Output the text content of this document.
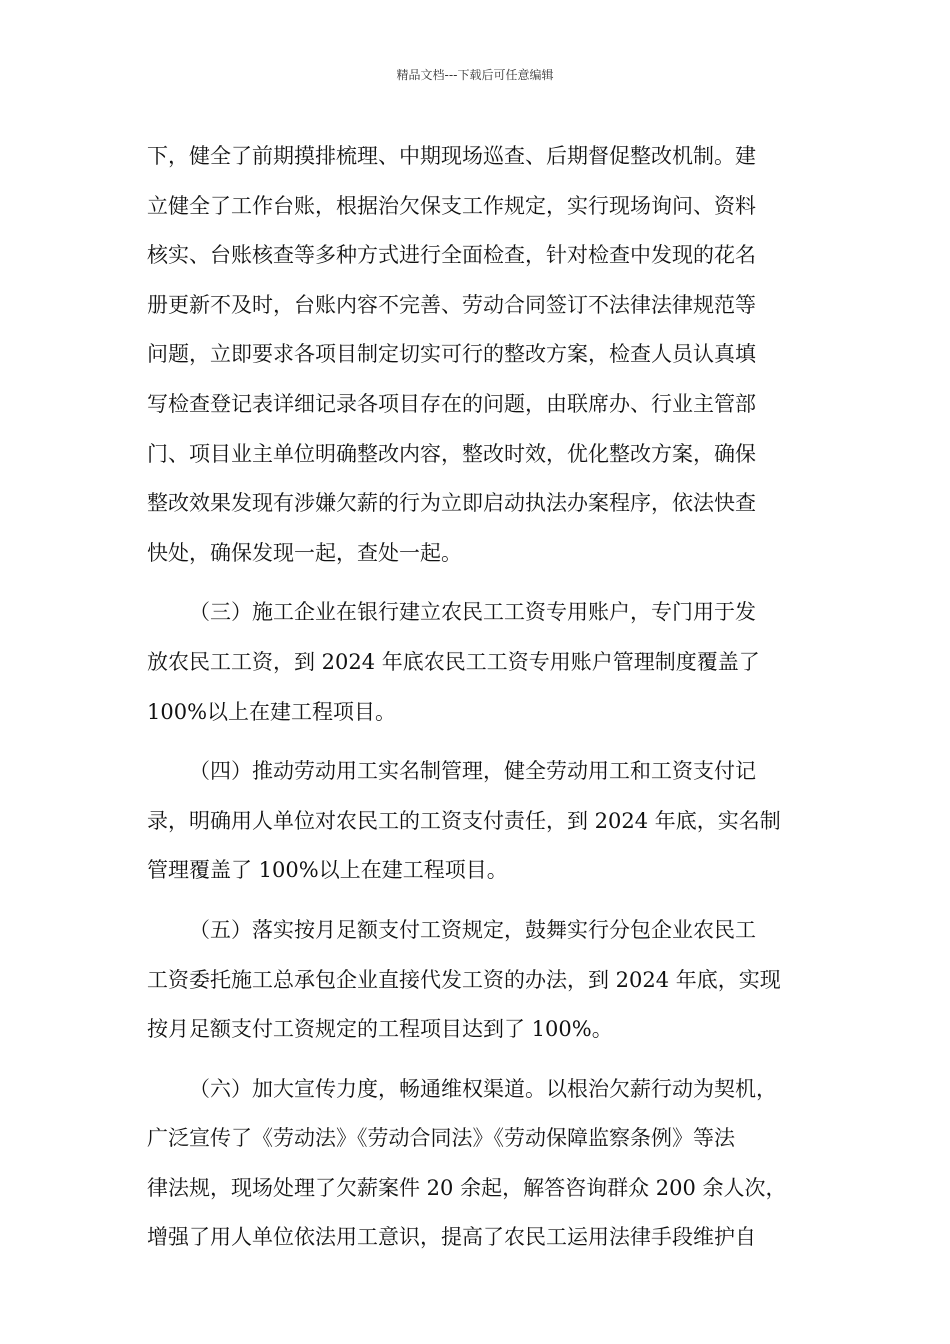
精品文档---下载后可任意编辑
下，健全了前期摸排梳理、中期现场巡查、后期督促整改机制。建
立健全了工作台账，根据治欠保支工作规定，实行现场询问、资料
核实、台账核查等多种方式进行全面检查，针对检查中发现的花名
册更新不及时，台账内容不完善、劳动合同签订不法律法律规范等
问题，立即要求各项目制定切实可行的整改方案，检查人员认真填
写检查登记表详细记录各项目存在的问题，由联席办、行业主管部
门、项目业主单位明确整改内容，整改时效，优化整改方案，确保
整改效果发现有涉嫌欠薪的行为立即启动执法办案程序，依法快查
快处，确保发现一起，查处一起。
（三）施工企业在银行建立农民工工资专用账户，专门用于发
放农民工工资，到 2024 年底农民工工资专用账户管理制度覆盖了
100%以上在建工程项目。
（四）推动劳动用工实名制管理，健全劳动用工和工资支付记
录，明确用人单位对农民工的工资支付责任，到 2024 年底，实名制
管理覆盖了 100%以上在建工程项目。
（五）落实按月足额支付工资规定，鼓舞实行分包企业农民工
工资委托施工总承包企业直接代发工资的办法，到 2024 年底，实现
按月足额支付工资规定的工程项目达到了 100%。
（六）加大宣传力度，畅通维权渠道。以根治欠薪行动为契机，
广泛宣传了《劳动法》《劳动合同法》《劳动保障监察条例》等法
律法规，现场处理了欠薪案件 20 余起，解答咨询群众 200 余人次，
增强了用人单位依法用工意识，提高了农民工运用法律手段维护自
